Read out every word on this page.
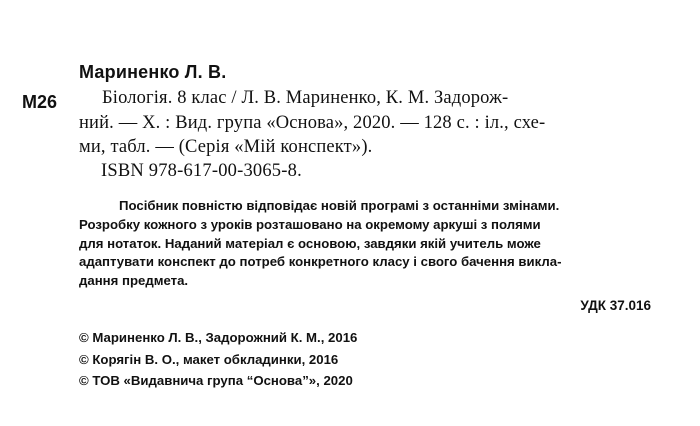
Мариненко Л. В.
М26	Біологія. 8 клас / Л. В. Мариненко, К. М. Задорож-
ний. — Х. : Вид. група «Основа», 2020. — 128 с. : іл., схе-
ми, табл. — (Серія «Мій конспект»).
ISBN 978-617-00-3065-8.
Посібник повністю відповідає новій програмі з останніми змінами.
Розробку кожного з уроків розташовано на окремому аркуші з полями
для нотаток. Наданий матеріал є основою, завдяки якій учитель може
адаптувати конспект до потреб конкретного класу і свого бачення викла-
дання предмета.
УДК 37.016
© Мариненко Л. В., Задорожний К. М., 2016
© Корягін В. О., макет обкладинки, 2016
© ТОВ «Видавнича група “Основа”», 2020
